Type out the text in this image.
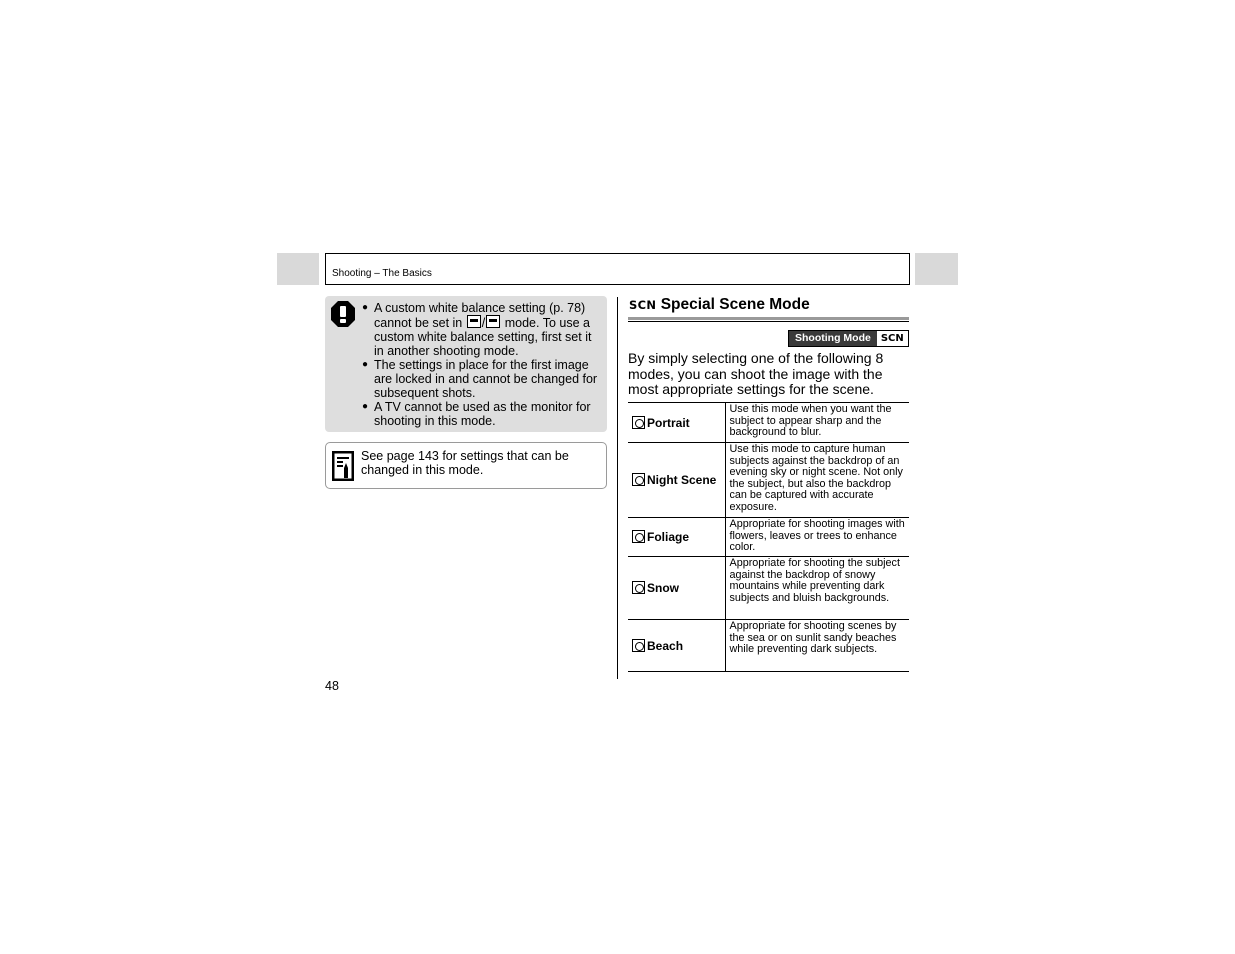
Shooting – The Basics
● A custom white balance setting (p. 78) cannot be set in / mode. To use a custom white balance setting, first set it in another shooting mode.
● The settings in place for the first image are locked in and cannot be changed for subsequent shots.
● A TV cannot be used as the monitor for shooting in this mode.
See page 143 for settings that can be changed in this mode.
SCN Special Scene Mode
Shooting Mode	SCN
By simply selecting one of the following 8 modes, you can shoot the image with the most appropriate settings for the scene.
Portrait	Use this mode when you want the subject to appear sharp and the background to blur.
Night Scene	Use this mode to capture human subjects against the backdrop of an evening sky or night scene. Not only the subject, but also the backdrop can be captured with accurate exposure.
Foliage	Appropriate for shooting images with flowers, leaves or trees to enhance color.
Snow	Appropriate for shooting the subject against the backdrop of snowy mountains while preventing dark subjects and bluish backgrounds.
Beach	Appropriate for shooting scenes by the sea or on sunlit sandy beaches while preventing dark subjects.
48
